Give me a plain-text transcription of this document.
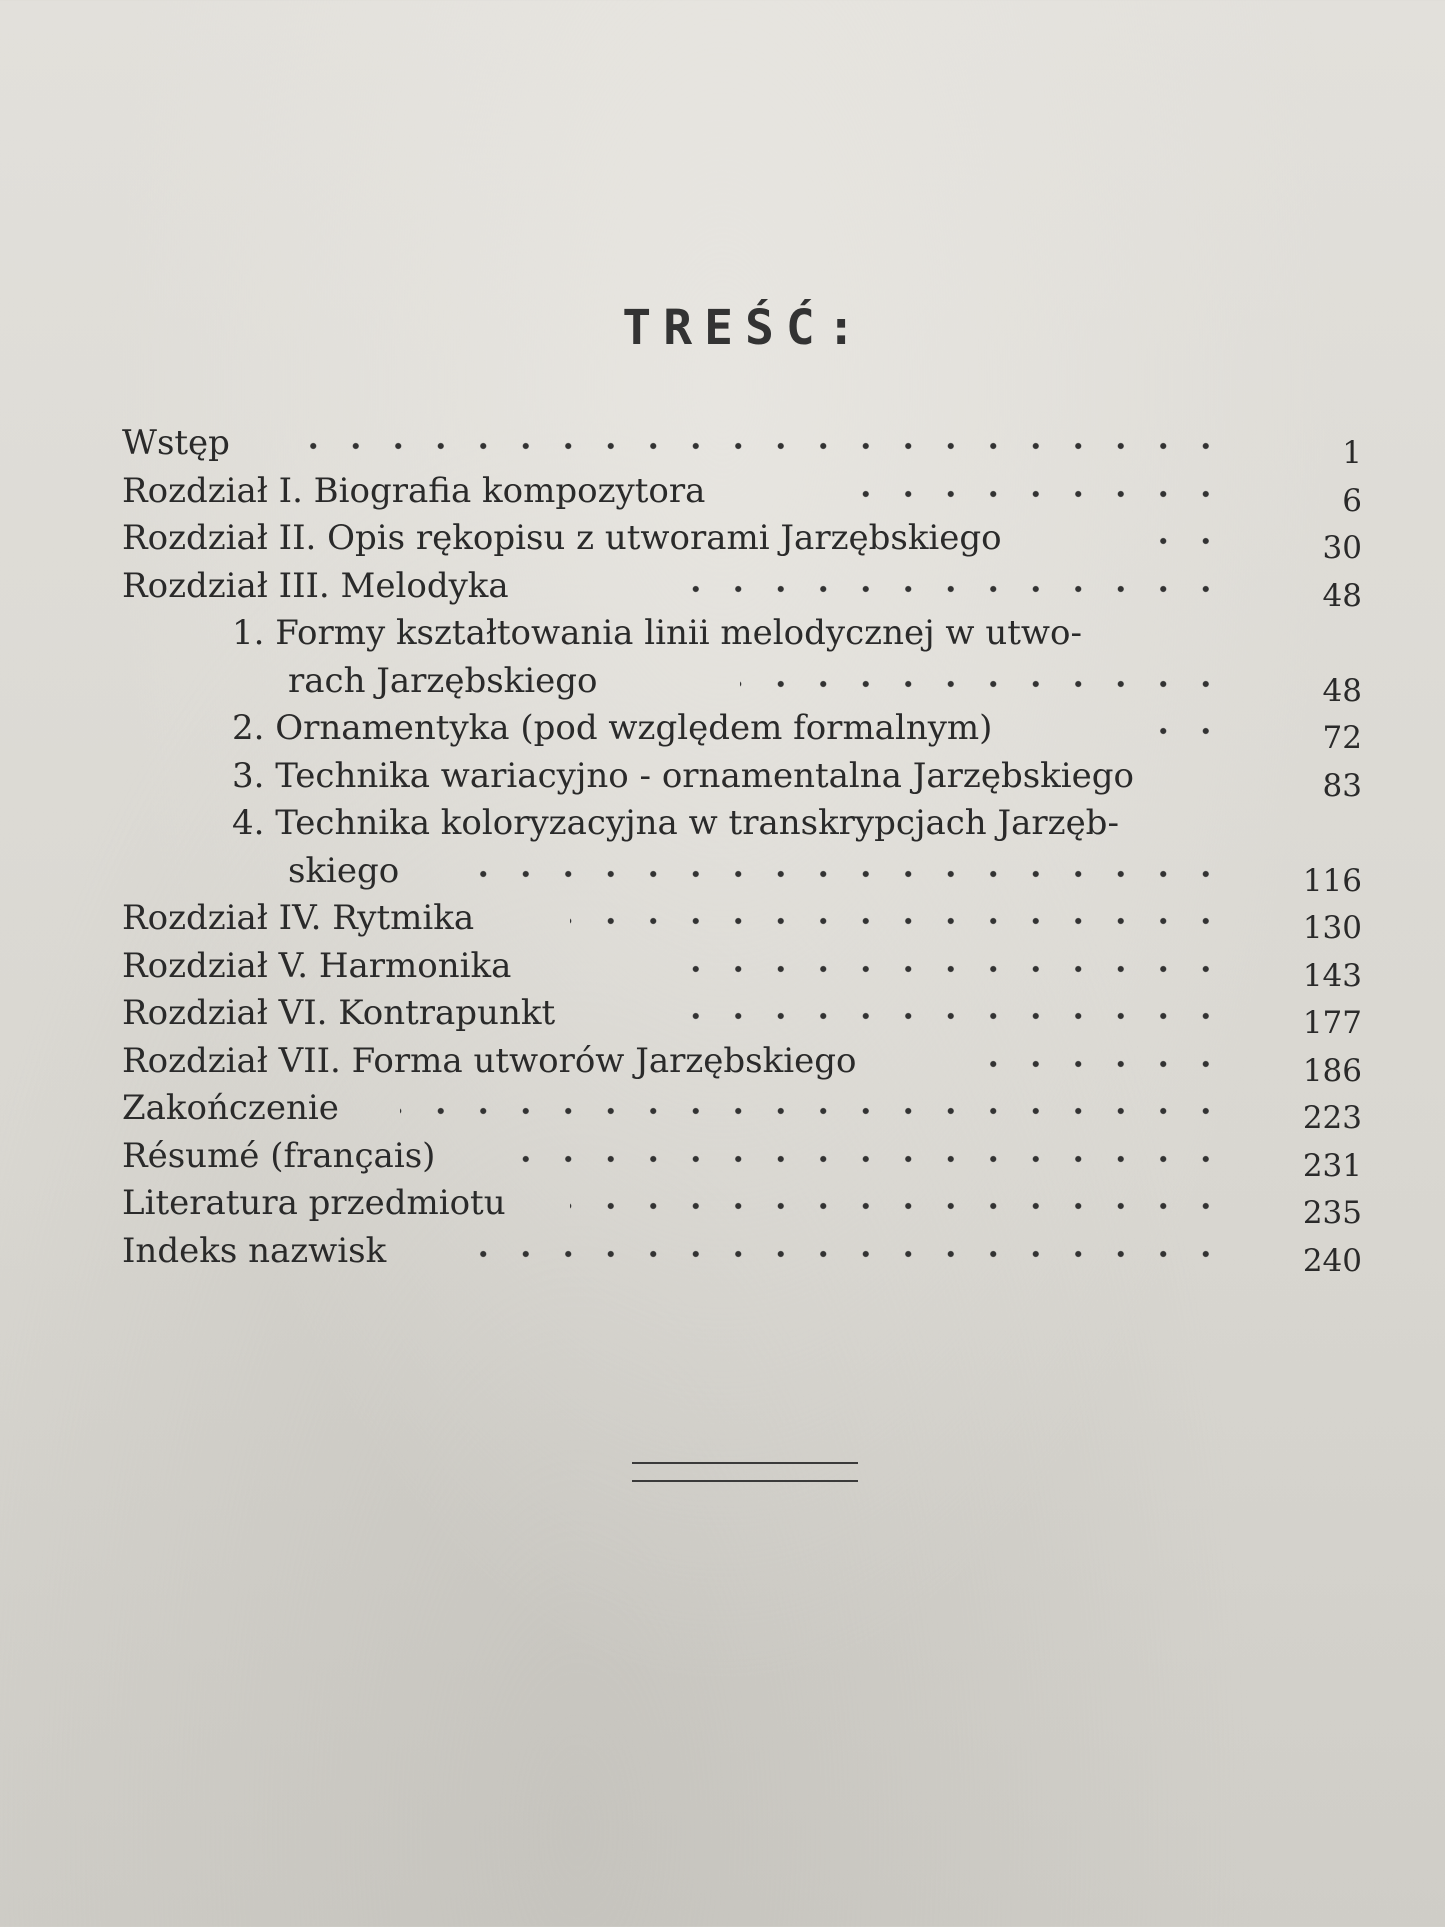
TREŚĆ:
Wstęp	1
Rozdział I. Biografia kompozytora	6
Rozdział II. Opis rękopisu z utworami Jarzębskiego	30
Rozdział III. Melodyka	48
1. Formy kształtowania linii melodycznej w utwo-
rach Jarzębskiego	48
2. Ornamentyka (pod względem formalnym)	72
3. Technika wariacyjno - ornamentalna Jarzębskiego	83
4. Technika koloryzacyjna w transkrypcjach Jarzęb-
skiego	116
Rozdział IV. Rytmika	130
Rozdział V. Harmonika	143
Rozdział VI. Kontrapunkt	177
Rozdział VII. Forma utworów Jarzębskiego	186
Zakończenie	223
Résumé (français)	231
Literatura przedmiotu	235
Indeks nazwisk	240
